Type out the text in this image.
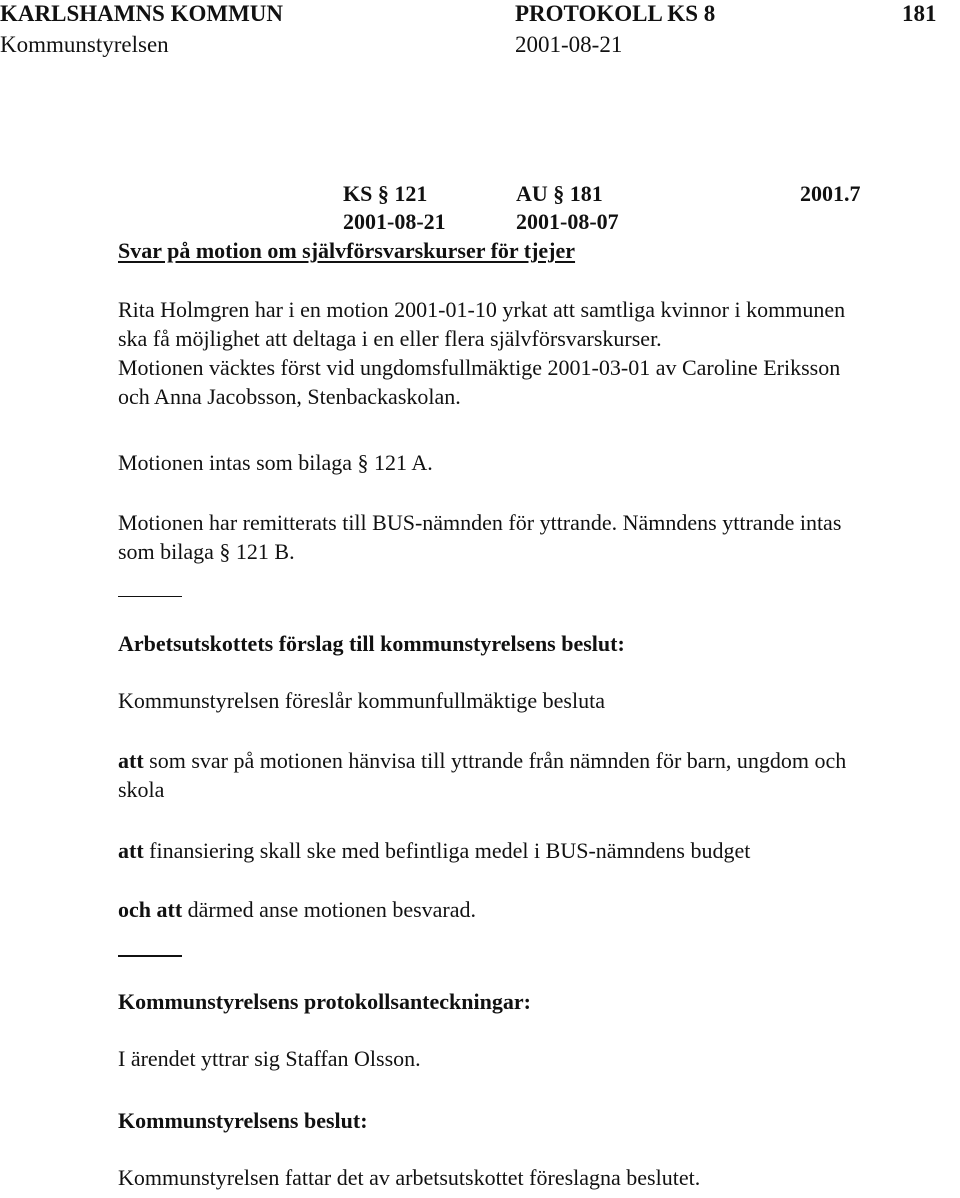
KARLSHAMNS KOMMUN	PROTOKOLL KS 8	181
Kommunstyrelsen	2001-08-21
KS § 121	AU § 181	2001.7
2001-08-21	2001-08-07
Svar på motion om självförsvarskurser för tjejer
Rita Holmgren har i en motion 2001-01-10 yrkat att samtliga kvinnor i kommunen
ska få möjlighet att deltaga i en eller flera självförsvarskurser.
Motionen väcktes först vid ungdomsfullmäktige 2001-03-01 av Caroline Eriksson
och Anna Jacobsson, Stenbackaskolan.
Motionen intas som bilaga § 121 A.
Motionen har remitterats till BUS-nämnden för yttrande. Nämndens yttrande intas
som bilaga § 121 B.
Arbetsutskottets förslag till kommunstyrelsens beslut:
Kommunstyrelsen föreslår kommunfullmäktige besluta
att som svar på motionen hänvisa till yttrande från nämnden för barn, ungdom och
skola
att finansiering skall ske med befintliga medel i BUS-nämndens budget
och att därmed anse motionen besvarad.
Kommunstyrelsens protokollsanteckningar:
I ärendet yttrar sig Staffan Olsson.
Kommunstyrelsens beslut:
Kommunstyrelsen fattar det av arbetsutskottet föreslagna beslutet.
